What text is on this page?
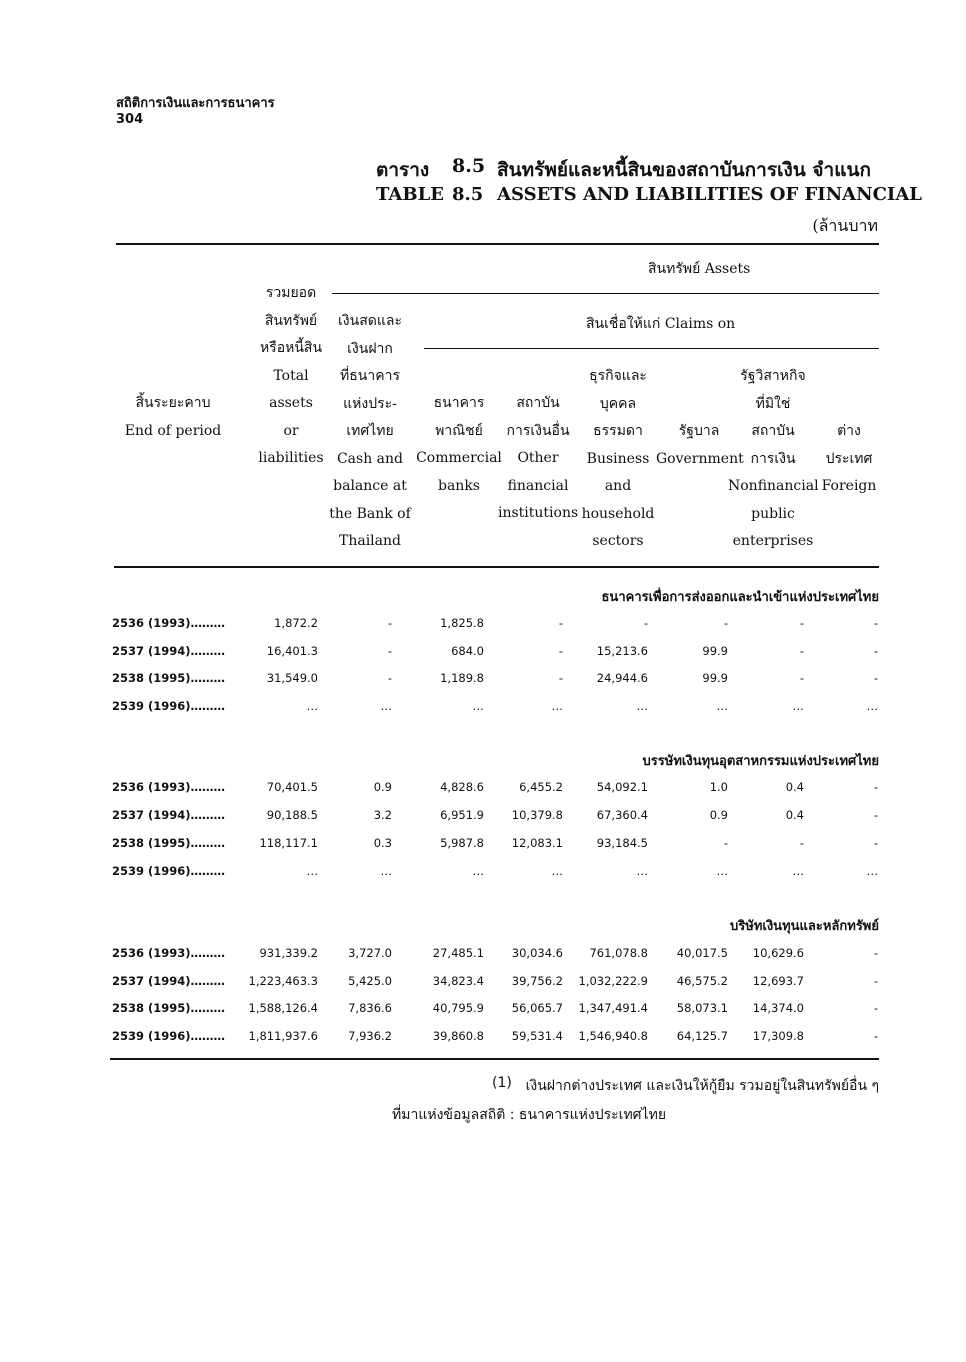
สถิติการเงินและการธนาคาร
304
ตาราง 8.5 สินทรัพย์และหนี้สินของสถาบันการเงิน จำแนก
TABLE 8.5 ASSETS AND LIABILITIES OF FINANCIAL
(ล้านบาท
สินทรัพย์ Assets
สินเชื่อให้แก่ Claims on
สิ้นระยะคาบ
End of period
รวมยอด
สินทรัพย์
หรือหนี้สิน
Total
assets
or
liabilities
เงินสดและ
เงินฝาก
ที่ธนาคาร
แห่งประ-
เทศไทย
Cash and
balance at
the Bank of
Thailand
ธนาคาร
พาณิชย์
Commercial
banks
สถาบัน
การเงินอื่น
Other
financial
institutions
ธุรกิจและ
บุคคล
ธรรมดา
Business
and
household
sectors
รัฐบาล
Government
รัฐวิสาหกิจ
ที่มิใช่
สถาบัน
การเงิน
Nonfinancial
public
enterprises
ต่าง
ประเทศ
Foreign
ธนาคารเพื่อการส่งออกและนำเข้าแห่งประเทศไทย
2536 (1993)………	1,872.2	-	1,825.8	-	-	-	-	-
2537 (1994)………	16,401.3	-	684.0	-	15,213.6	99.9	-	-
2538 (1995)………	31,549.0	-	1,189.8	-	24,944.6	99.9	-	-
2539 (1996)………	…	…	…	…	…	…	…	…
บรรษัทเงินทุนอุตสาหกรรมแห่งประเทศไทย
2536 (1993)………	70,401.5	0.9	4,828.6	6,455.2	54,092.1	1.0	0.4	-
2537 (1994)………	90,188.5	3.2	6,951.9 10,379.8	67,360.4	0.9	0.4	-
2538 (1995)………	118,117.1	0.3	5,987.8 12,083.1	93,184.5	-	-	-
2539 (1996)………	…	…	…	…	…	…	…	…
บริษัทเงินทุนและหลักทรัพย์
2536 (1993)………	931,339.2	3,727.0	27,485.1 30,034.6 761,078.8	40,017.5 10,629.6	-
2537 (1994)……… 1,223,463.3	5,425.0	34,823.4 39,756.2 1,032,222.9	46,575.2 12,693.7	-
2538 (1995)……… 1,588,126.4	7,836.6	40,795.9 56,065.7 1,347,491.4	58,073.1 14,374.0	-
2539 (1996)……… 1,811,937.6	7,936.2	39,860.8 59,531.4 1,546,940.8	64,125.7 17,309.8	-
(1) เงินฝากต่างประเทศ และเงินให้กู้ยืม รวมอยู่ในสินทรัพย์อื่น ๆ
ที่มาแห่งข้อมูลสถิติ : ธนาคารแห่งประเทศไทย
